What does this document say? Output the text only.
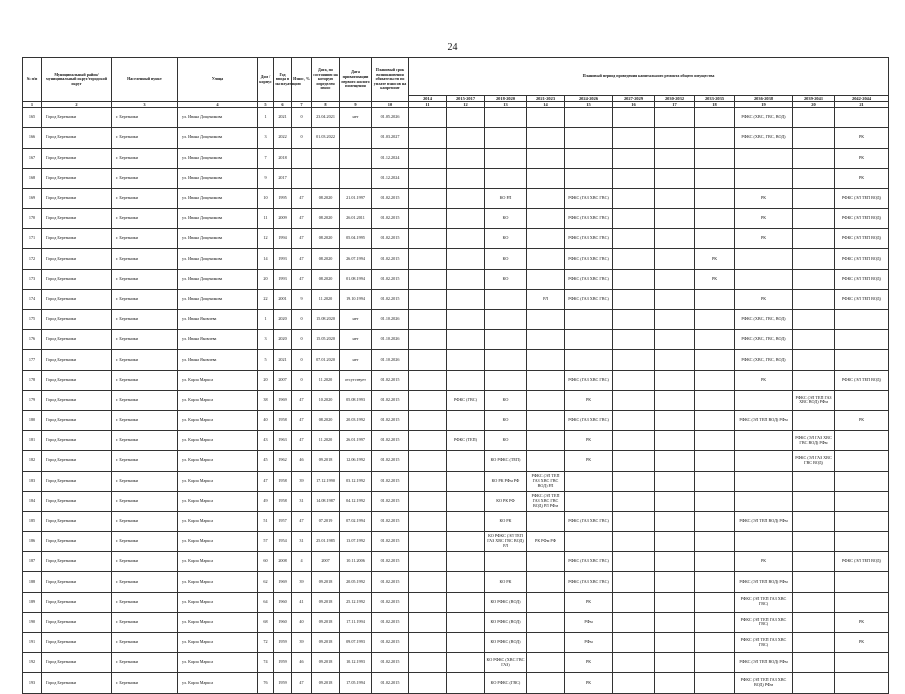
24
№ п/п	Муниципальный район/ муниципальный округ/городской округ	Населенный пункт	Улица	Дом / корпус	Год ввода в эксплуатацию	Износ, %	Дата, по состоянию на которую определен износ	Дата приватизации первого жилого помещения	Плановый срок возникновения обязательств по уплате взносов на капремонт	Плановый период проведения капитального ремонта общего имущества										
										2014	2015-2017	2018-2020	2021-2023	2024-2026	2027-2029	2030-2032	2033-2035	2036-2038	2039-2041	2042-2044
1	2	3	4	5	6	7	8	9	10	11	12	13	14	15	16	17	18	19	20	21
165	Город Березники	г. Березники	ул. Ивана Дощеникова	1	2021	0	23.04.2021	нет	01.05.2026									РФКС (ХВС, ГВС, ВОД)		
166	Город Березники	г. Березники	ул. Ивана Дощеникова	3	2022	0	01.03.2022		01.03.2027									РФКС (ХВС, ГВС, ВОД)		РК
167	Город Березники	г. Березники	ул. Ивана Дощеникова	7	2018				01.12.2024											РК
168	Город Березники	г. Березники	ул. Ивана Дощеникова	9	2017				01.12.2024											РК
169	Город Березники	г. Березники	ул. Ивана Дощеникова	10	1995	47	08.2020	21.01.1997	01.02.2015			КО РЛ		РФКС (ГАЗ ХВС ГВС)				РК		РФКС (ЭЛ ТЕП ВОД)
170	Город Березники	г. Березники	ул. Ивана Дощеникова	11	2009	47	08.2020	26.01.2011	01.02.2015			КО		РФКС (ГАЗ ХВС ГВС)				РК		РФКС (ЭЛ ТЕП ВОД)
171	Город Березники	г. Березники	ул. Ивана Дощеникова	12	1994	47	08.2020	05.04.1995	01.02.2015			КО		РФКС (ГАЗ ХВС ГВС)				РК		РФКС (ЭЛ ТЕП ВОД)
172	Город Березники	г. Березники	ул. Ивана Дощеникова	14	1993	47	08.2020	26.07.1994	01.02.2015			КО		РФКС (ГАЗ ХВС ГВС)			РК			РФКС (ЭЛ ТЕП ВОД)
173	Город Березники	г. Березники	ул. Ивана Дощеникова	20	1993	47	08.2020	01.08.1994	01.02.2015			КО		РФКС (ГАЗ ХВС ГВС)			РК			РФКС (ЭЛ ТЕП ВОД)
174	Город Березники	г. Березники	ул. Ивана Дощеникова	22	2001	9	11.2020	19.10.1994	01.02.2015				РЛ	РФКС (ГАЗ ХВС ГВС)				РК		РФКС (ЭЛ ТЕП ВОД)
175	Город Березники	г. Березники	ул. Ивана Яковлева	1	2020	0	15.08.2020	нет	01.10.2026									РФКС (ХВС, ГВС, ВОД)		
176	Город Березники	г. Березники	ул. Ивана Яковлева	3	2020	0	15.05.2020	нет	01.10.2026									РФКС (ХВС, ГВС, ВОД)		
177	Город Березники	г. Березники	ул. Ивана Яковлева	5	2021	0	07.01.2020	нет	01.10.2026									РФКС (ХВС, ГВС, ВОД)		
178	Город Березники	г. Березники	ул. Карла Маркса	20	2007	0	11.2020	отсутствует	01.02.2015					РФКС (ГАЗ ХВС ГВС)				РК		РФКС (ЭЛ ТЕП ВОД)
179	Город Березники	г. Березники	ул. Карла Маркса	38	1969	47	10.2020	05.08.1993	01.02.2015		РФКС (ГВС)	КО		РК					РФКС (ЭЛ ТЕП ГАЗ ХВС ВОД) РФм	
180	Город Березники	г. Березники	ул. Карла Маркса	40	1958	47	08.2020	20.03.1992	01.02.2015			КО		РФКС (ГАЗ ХВС ГВС)				РФКС (ЭЛ ТЕП ВОД) РФм		РК
181	Город Березники	г. Березники	ул. Карла Маркса	43	1963	47	11.2020	26.01.1997	01.02.2015		РФКС (ТЕП)	КО		РК					РФКС (ЭЛ ГАЗ ХВС ГВС ВОД) РФм	
182	Город Березники	г. Березники	ул. Карла Маркса	45	1962	46	09.2018	12.06.1992	01.02.2015			КО РФКС (ТЕП)		РК					РФКС (ЭЛ ГАЗ ХВС ГВС ВОД)	
183	Город Березники	г. Березники	ул. Карла Маркса	47	1958	39	17.12.1990	03.12.1992	01.02.2015			КО РК РФм РФ	РФКС (ЭЛ ТЕП ГАЗ ХВС ГВС ВОД) РЛ							
184	Город Березники	г. Березники	ул. Карла Маркса	49	1958	31	14.08.1987	04.12.1992	01.02.2015			КО РК РФ	РФКС (ЭЛ ТЕП ГАЗ ХВС ГВС ВОД) РЛ РФм							
185	Город Березники	г. Березники	ул. Карла Маркса	51	1957	47	07.2019	07.02.1994	01.02.2015			КО РК		РФКС (ГАЗ ХВС ГВС)				РФКС (ЭЛ ТЕП ВОД) РФм		
186	Город Березники	г. Березники	ул. Карла Маркса	57	1954	31	25.01.1985	13.07.1992	01.02.2015			КО РФКС (ЭЛ ТЕП ГАЗ ХВС ГВС ВОД) РЛ	РК РФм РФ							
187	Город Березники	г. Березники	ул. Карла Маркса	60	2008	4	2007	10.11.2006	01.02.2015					РФКС (ГАЗ ХВС ГВС)				РК		РФКС (ЭЛ ТЕП ВОД)
188	Город Березники	г. Березники	ул. Карла Маркса	62	1969	39	09.2018	20.05.1992	01.02.2015			КО РК		РФКС (ГАЗ ХВС ГВС)				РФКС (ЭЛ ТЕП ВОД) РФм		
189	Город Березники	г. Березники	ул. Карла Маркса	64	1960	41	09.2018	25.12.1992	01.02.2015			КО РФКС (ВОД)		РК				РФКС (ЭЛ ТЕП ГАЗ ХВС ГВС)		
190	Город Березники	г. Березники	ул. Карла Маркса	68	1960	40	09.2018	17.11.1994	01.02.2015			КО РФКС (ВОД)		РФм				РФКС (ЭЛ ТЕП ГАЗ ХВС ГВС)		РК
191	Город Березники	г. Березники	ул. Карла Маркса	72	1959	39	09.2018	09.07.1993	01.02.2015			КО РФКС (ВОД)		РФм				РФКС (ЭЛ ТЕП ГАЗ ХВС ГВС)		РК
192	Город Березники	г. Березники	ул. Карла Маркса	74	1959	46	09.2018	10.12.1993	01.02.2015			КО РФКС (ХВС ГВС ГАЗ)		РК				РФКС (ЭЛ ТЕП ВОД) РФм		
193	Город Березники	г. Березники	ул. Карла Маркса	76	1959	47	09.2018	17.05.1994	01.02.2015			КО РФКС (ГВС)		РК				РФКС (ЭЛ ТЕП ГАЗ ХВС ВОД) РФм		
